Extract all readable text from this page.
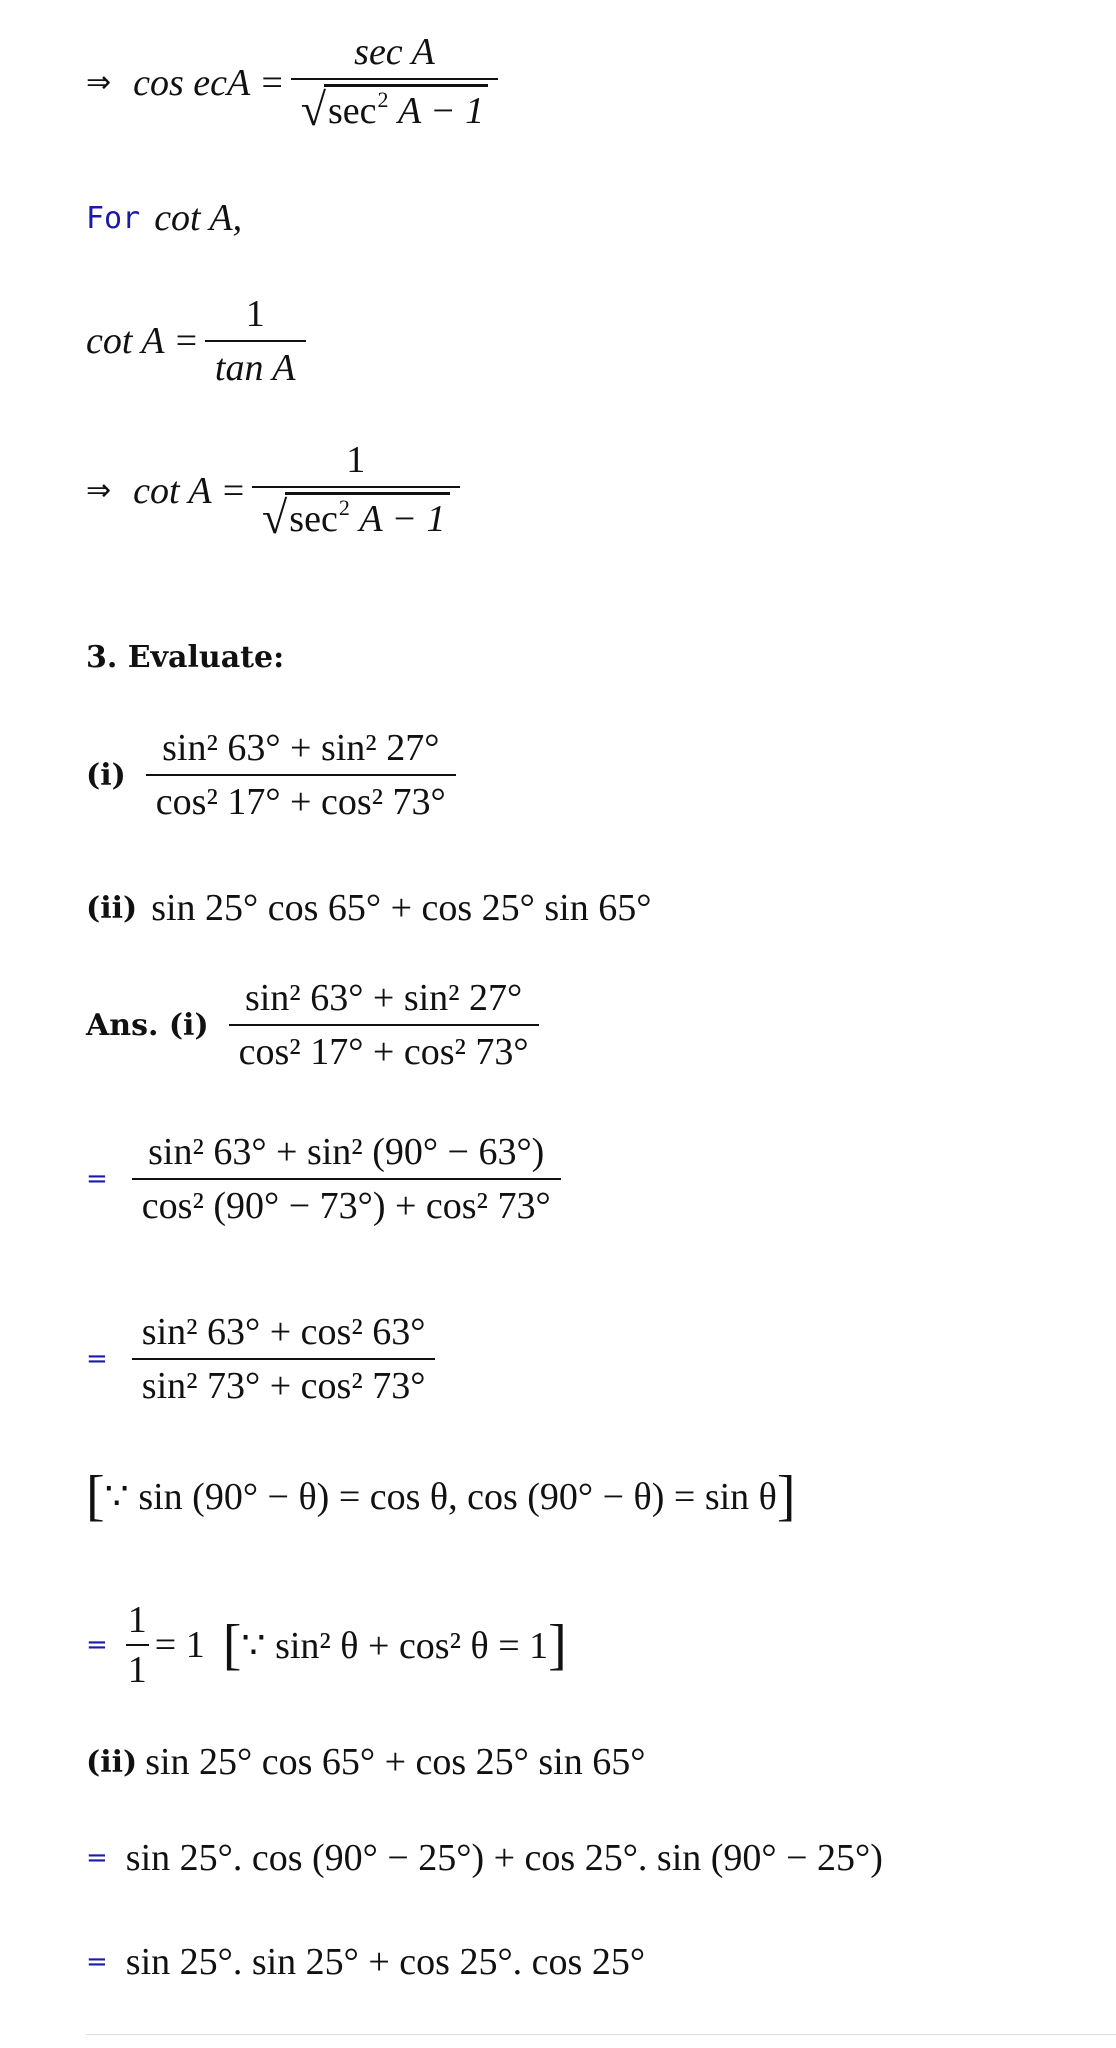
⇒ cos ecA = $\frac{\text{sec A}}{√ \sec^2 A - 1}$
For cot A,
$\cot A = \frac{1}{\text{tan A}}$
⇒ $\cot A = \frac{1}{√ \sec^2 A - 1}$
3. Evaluate:
$(i) \frac{\text{sin² 63° + sin² 27°}}{\text{cos² 17° + cos² 73°}}$
(ii) sin 25° cos 65° + cos 25° sin 65°
Ans. $(i) \frac{\text{sin² 63° + sin² 27°}}{\text{cos² 17° + cos² 73°}}$
= $\frac{\text{sin² 63° + sin² (90° − 63°)}}{\text{cos² (90° − 73°) + cos² 73°}}$
= $\frac{\text{sin² 63° + cos² 63°}}{\text{sin² 73° + cos² 73°}}$
[ ∵ sin (90° − θ) = cos θ, cos (90° − θ) = sin θ ]
= $\frac{1}{1} = 1$ [ ∵ sin² θ + cos² θ = 1 ]
(ii) sin 25° cos 65° + cos 25° sin 65°
= sin 25°. cos (90° − 25°) + cos 25°. sin (90° − 25°)
= sin 25°. sin 25° + cos 25°. cos 25°
